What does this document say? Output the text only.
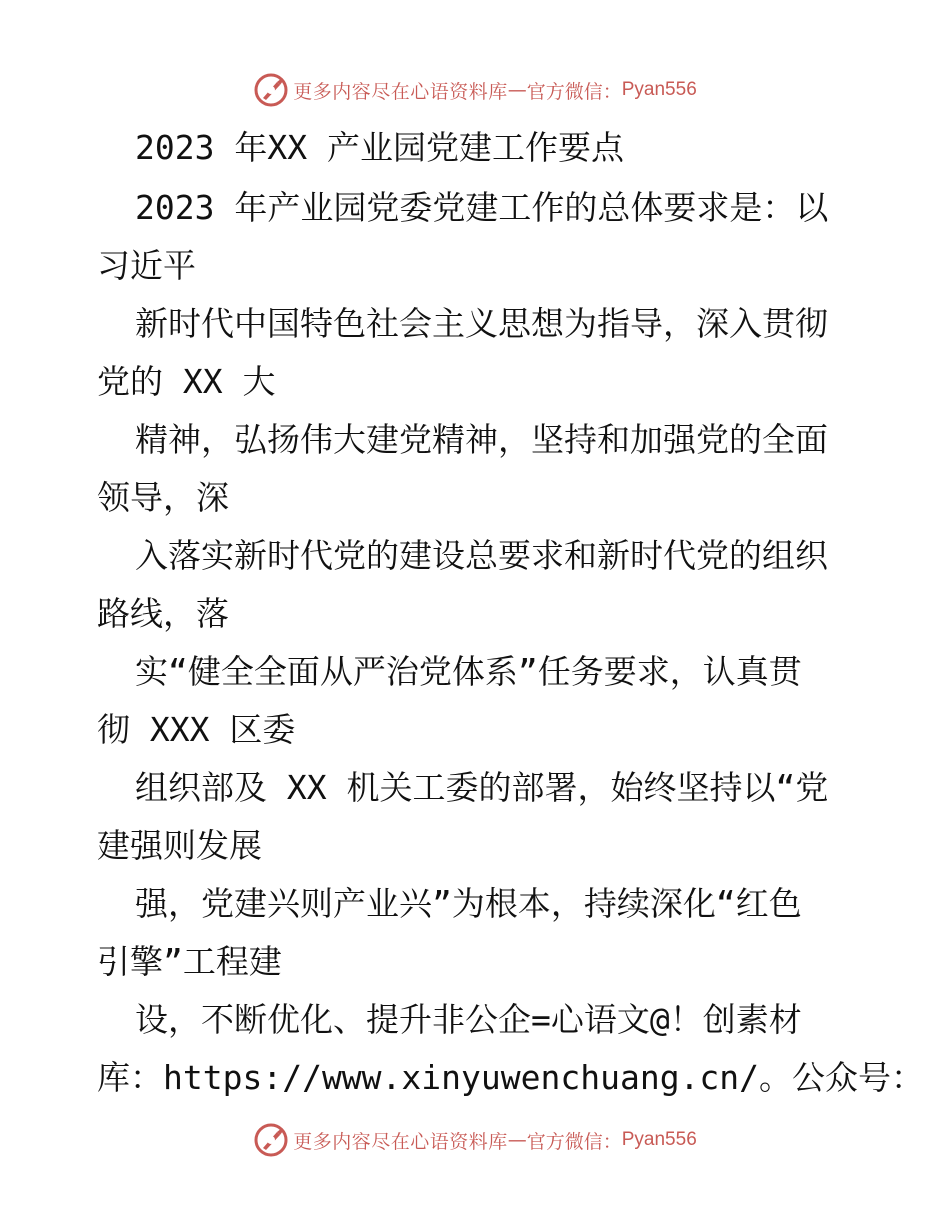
更多内容尽在心语资料库 — 官方微信： Pyan556
2023 年XX 产业园党建工作要点
2023 年产业园党委党建工作的总体要求是：以
习近平
新时代中国特色社会主义思想为指导，深入贯彻
党的 XX 大
精神，弘扬伟大建党精神，坚持和加强党的全面
领导，深
入落实新时代党的建设总要求和新时代党的组织
路线，落
实“健全全面从严治党体系”任务要求，认真贯
彻 XXX 区委
组织部及 XX 机关工委的部署，始终坚持以“党
建强则发展
强，党建兴则产业兴”为根本，持续深化“红色
引擎”工程建
设，不断优化、提升非公企=心语文@！创素材
库：https://www.xinyuwenchuang.cn/。公众号：
更多内容尽在心语资料库 — 官方微信： Pyan556
